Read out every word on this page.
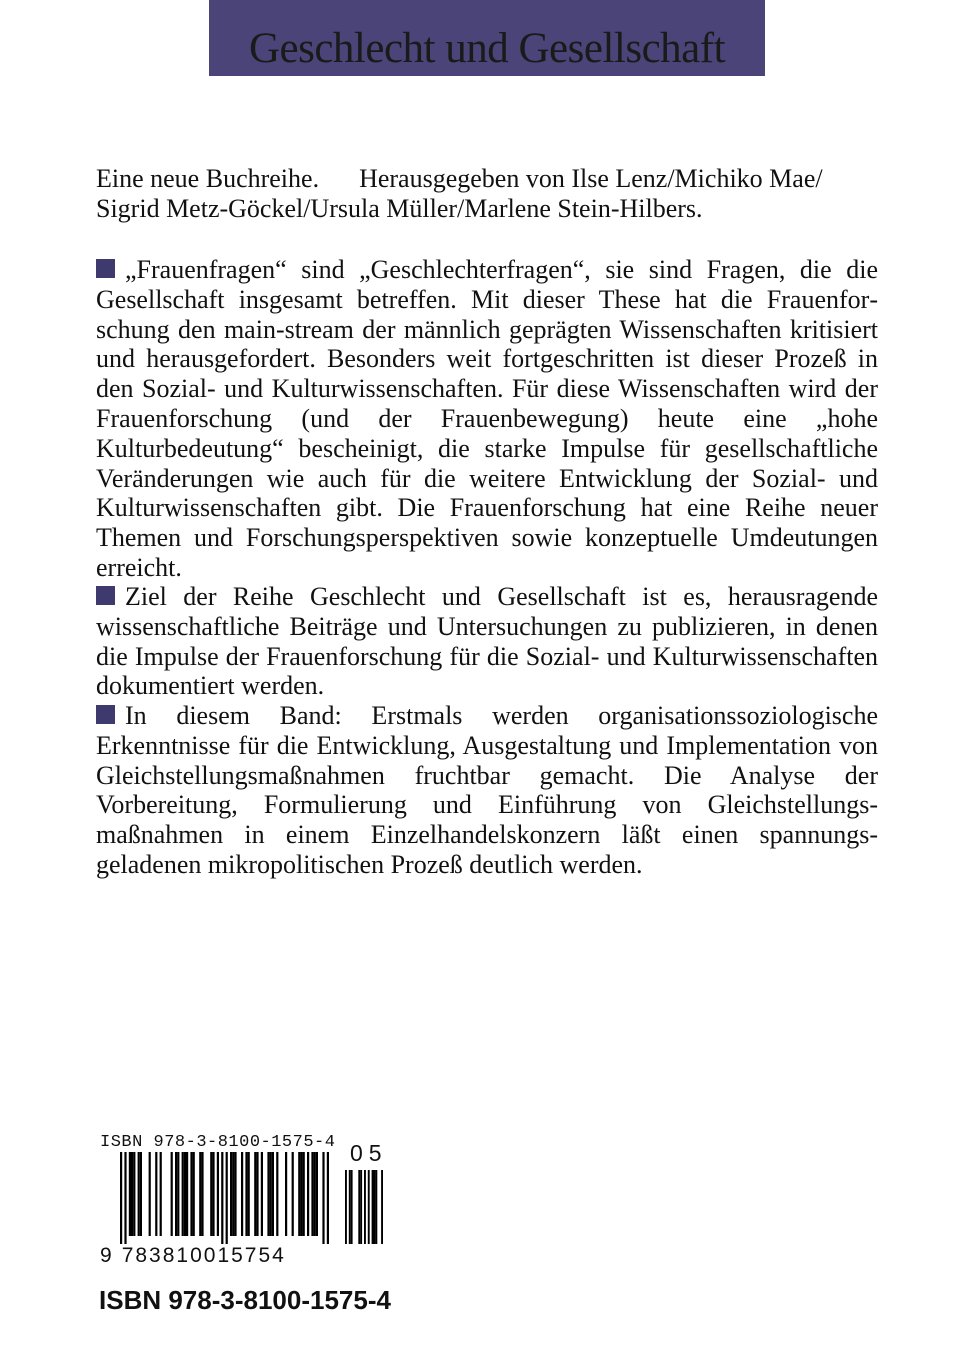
Geschlecht und Gesellschaft
Eine neue Buchreihe. Herausgegeben von Ilse Lenz/Michiko Mae/
Sigrid Metz-Göckel/Ursula Müller/Marlene Stein-Hilbers.
„Frauenfragen“ sind „Geschlechterfragen“, sie sind Fragen, die die Gesellschaft insgesamt betreffen. Mit dieser These hat die Frauenforschung den main-stream der männlich geprägten Wissenschaften kritisiert und herausgefordert. Besonders weit fortgeschritten ist dieser Prozeß in den Sozial- und Kulturwissenschaften. Für diese Wissenschaften wird der Frauenforschung (und der Frauenbewegung) heute eine „hohe Kulturbedeutung“ bescheinigt, die starke Impulse für gesellschaftliche Veränderungen wie auch für die weitere Entwicklung der Sozial- und Kulturwissenschaften gibt. Die Frauenforschung hat eine Reihe neuer Themen und Forschungsperspektiven sowie konzeptuelle Umdeutungen erreicht.
Ziel der Reihe Geschlecht und Gesellschaft ist es, herausragende wissenschaftliche Beiträge und Untersuchungen zu publizieren, in denen die Impulse der Frauenforschung für die Sozial- und Kulturwissenschaften dokumentiert werden.
In diesem Band: Erstmals werden organisationssoziologische Erkenntnisse für die Entwicklung, Ausgestaltung und Implementation von Gleichstellungsmaßnahmen fruchtbar gemacht. Die Analyse der Vorbereitung, Formulierung und Einführung von Gleichstellungsmaßnahmen in einem Einzelhandelskonzern läßt einen spannungsgeladenen mikropolitischen Prozeß deutlich werden.
ISBN 978-3-8100-1575-4
9 783810015754
05
ISBN 978-3-8100-1575-4
